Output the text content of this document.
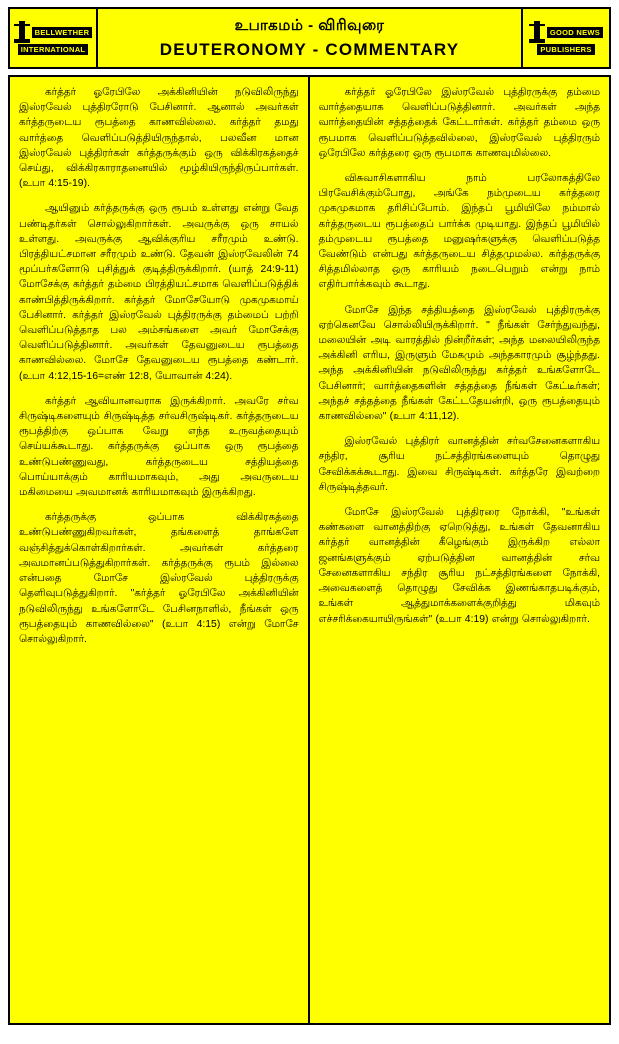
BELLWETHER
INTERNATIONAL
உபாகமம் - விரிவுரை
DEUTERONOMY - COMMENTARY
GOOD NEWS
PUBLISHERS

கர்த்தர் ஓரேபிலே அக்கினியின் நடுவிலிருந்து இஸ்ரவேல் புத்திரரோடு பேசினார். ஆனால் அவர்கள் கர்த்தருடைய ரூபத்தை காணவில்லை. கர்த்தர் தமது வார்த்தை வெளிப்படுத்தியிருந்தால், பலவீன மான இஸ்ரவேல் புத்திரர்கள் கர்த்தருக்கும் ஒரு விக்கிரகத்தைச் செய்து, விக்கிரகாராதனையில் மூழ்கியிருந்திருப்பார்கள். (உபா 4:15-19).

ஆயினும் கர்த்தருக்கு ஒரு ரூபம் உள்ளது என்று வேத பண்டிதர்கள் சொல்லுகிறார்கள். அவருக்கு ஒரு சாயல் உள்ளது. அவருக்கு ஆவிக்குரிய சரீரமும் உண்டு. பிரத்தியட்சமான சரீரமும் உண்டு. தேவன் இஸ்ரவேலின் 74 மூப்பர்களோடு புசித்துக் குடித்திருக்கிறார். (யாத் 24:9-11) மோசேக்கு கர்த்தர் தம்மை பிரத்தியட்சமாக வெளிப்படுத்திக் காண்பித்திருக்கிறார். கர்த்தர் மோசேயோடு முகமுகமாய் பேசினார். கர்த்தர் இஸ்ரவேல் புத்திரருக்கு தம்மைப் பற்றி வெளிப்படுத்தாத பல அம்சங்களை அவர் மோசேக்கு வெளிப்படுத்தினார். அவர்கள் தேவனுடைய ரூபத்தை காணவில்லை. மோசே தேவனுடைய ரூபத்தை கண்டார். (உபா 4:12,15-16=எண் 12:8, யோவான் 4:24).

கர்த்தர் ஆவியானவராக இருக்கிறார். அவரே சர்வ சிருஷ்டிகளையும் சிருஷ்டித்த சர்வசிருஷ்டிகர். கர்த்தருடைய ரூபத்திற்கு ஒப்பாக வேறு எந்த உருவத்தையும் செய்யக்கூடாது. கர்த்தருக்கு ஒப்பாக ஒரு ரூபத்தை உண்டுபண்ணுவது, கர்த்தருடைய சத்தியத்தை பொய்யாக்கும் காரியமாகவும், அது அவருடைய மகிமையை அவமானக் காரியமாகவும் இருக்கிறது.

கர்த்தருக்கு ஒப்பாக விக்கிரகத்தை உண்டுபண்ணுகிறவர்கள், தங்களைத் தாங்களே வஞ்சித்துக்கொள்கிறார்கள். அவர்கள் கர்த்தரை அவமானப்படுத்துகிறார்கள். கர்த்தருக்கு ரூபம் இல்லை என்பதை மோசே இஸ்ரவேல் புத்திரருக்கு தெளிவுபடுத்துகிறார். "கர்த்தர் ஓரேபிலே அக்கினியின் நடுவிலிருந்து உங்களோடே பேசினநாளில், நீங்கள் ஒரு ரூபத்தையும் காணவில்லை" (உபா 4:15) என்று மோசே சொல்லுகிறார்.

கர்த்தர் ஓரேபிலே இஸ்ரவேல் புத்திரருக்கு தம்மை வார்த்தையாக வெளிப்படுத்தினார். அவர்கள் அந்த வார்த்தையின் சத்தத்தைக் கேட்டார்கள். கர்த்தர் தம்மை ஒரு ரூபமாக வெளிப்படுத்தவில்லை, இஸ்ரவேல் புத்திரரும் ஒரேபிலே கர்த்தரை ஒரு ரூபமாக காணவுமில்லை.

விசுவாசிகளாகிய நாம் பரலோகத்திலே பிரவேசிக்கும்போது, அங்கே நம்முடைய கர்த்தரை முகமுகமாக தரிசிப்போம். இந்தப் பூமியிலே நம்மால் கர்த்தருடைய ரூபத்தைப் பார்க்க முடியாது. இந்தப் பூமியில் தம்முடைய ரூபத்தை மனுஷர்களுக்கு வெளிப்படுத்த வேண்டும் என்பது கர்த்தருடைய சித்தமுமல்ல. கர்த்தருக்கு சித்தமில்லாத ஒரு காரியம் நடைபெறும் என்று நாம் எதிர்பார்க்கவும் கூடாது.

மோசே இந்த சத்தியத்தை இஸ்ரவேல் புத்திரருக்கு ஏற்கெனவே சொல்லியிருக்கிறார். " நீங்கள் சேர்ந்துவந்து, மலையின் அடி வாரத்தில் நின்றீர்கள்; அந்த மலையிலிருந்த அக்கினி எரிய, இருளும் மேகமும் அந்தகாரமும் சூழ்ந்தது. அந்த அக்கினியின் நடுவிலிருந்து கர்த்தர் உங்களோடே பேசினார்; வார்த்தைகளின் சத்தத்தை நீங்கள் கேட்டீர்கள்; அந்தச் சத்தத்தை நீங்கள் கேட்டதேயன்றி, ஒரு ரூபத்தையும் காணவில்லை" (உபா 4:11,12).

இஸ்ரவேல் புத்திரர் வானத்தின் சர்வசேனைகளாகிய சந்திர, சூரிய நட்சத்திரங்களையும் தொழுது சேவிக்கக்கூடாது. இவை சிருஷ்டிகள். கர்த்தரே இவற்றை சிருஷ்டித்தவர்.

மோசே இஸ்ரவேல் புத்திரரை நோக்கி, "உங்கள் கண்களை வானத்திற்கு ஏறெடுத்து, உங்கள் தேவனாகிய கர்த்தர் வானத்தின் கீழெங்கும் இருக்கிற எல்லா ஜனங்களுக்கும் ஏற்படுத்தின வானத்தின் சர்வ சேனைகளாகிய சந்திர சூரிய நட்சத்திரங்களை நோக்கி, அவைகளைத் தொழுது சேவிக்க இணங்காதபடிக்கும், உங்கள் ஆத்துமாக்களைக்குறித்து மிகவும் எச்சரிக்கையாயிருங்கள்" (உபா 4:19) என்று சொல்லுகிறார்.
